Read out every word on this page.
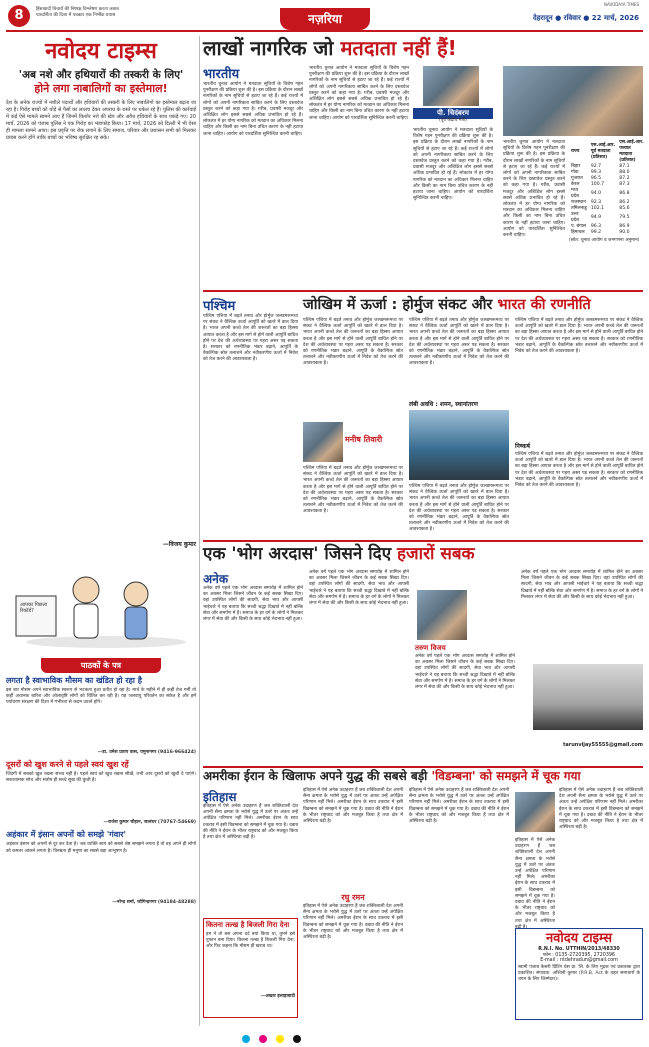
8	हिंसावादी विचारों की निष्पक्ष विश्लेषण करता जवाब
पारदर्शिता की दिशा में पत्रकार एक निर्भीक प्रयास	नज़रिया
NAVODAYA TIMES
देहरादून ● रविवार ● 22 मार्च, 2026
नवोदय टाइम्स
'अब नशे और हथियारों की तस्करी के लिए'
होने लगा नाबालिगों का इस्तेमाल!
देश के अनेक राज्यों में नशीले पदार्थों और हथियारों की तस्करी के लिए नाबालिगों का इस्तेमाल बढ़ता जा रहा है। गिरोह बच्चों को थोड़े से पैसों का लालच देकर अपराध के रास्ते पर धकेल रहे हैं। पुलिस की कार्रवाई में कई ऐसे मामले सामने आए हैं जिनमें किशोर नशे की खेप और अवैध हथियारों के साथ पकड़े गए। 20 मार्च, 2026 को पंजाब पुलिस ने एक गिरोह का भंडाफोड़ किया। 17 मार्च, 2026 को दिल्ली में भी ऐसा ही मामला सामने आया। इस प्रवृत्ति पर रोक लगाने के लिए समाज, परिवार और प्रशासन सभी को मिलकर प्रयास करने होंगे ताकि बच्चों का भविष्य सुरक्षित रह सके।
—विजय कुमार
आपका पिछला रिकॉर्ड?
पाठकों के पत्र
लगता है स्वाभाविक मौसम का खंडित हो रहा है
इस बार मौसम अपने स्वाभाविक स्वरूप से भटकता हुआ प्रतीत हो रहा है। मार्च के महीने में ही कहीं तेज गर्मी तो कहीं अचानक बारिश और ओलावृष्टि लोगों को चिंतित कर रही है। यह जलवायु परिवर्तन का संकेत है और हमें पर्यावरण संरक्षण की दिशा में गंभीरता से कदम उठाने होंगे।
—डा. उमेश प्रताप वत्स, यमुनानगर (9416-966424)
दूसरों को खुश करने से पहले स्वयं खुश रहें
जिंदगी में सबको खुश रखना संभव नहीं है। पहले स्वयं को खुश रखना सीखें, तभी आप दूसरों को खुशी दे पाएंगे। सकारात्मक सोच और संतोष ही सच्चे सुख की कुंजी है।
—राजेश कुमार चौहान, जालंधर (70767-54669)
अहंकार में इंसान अपनों को समझे 'गंवार'
अहंकार इंसान को अपनों से दूर कर देता है। जब व्यक्ति स्वयं को सबसे श्रेष्ठ समझने लगता है तो वह अपने ही लोगों को कमतर आंकने लगता है। विनम्रता ही मनुष्य का सबसे बड़ा आभूषण है।
—नरेन्द्र शर्मा, जोगिन्द्रनगर (94184-48288)
लाखों नागरिक जो मतदाता नहीं हैं!
भारतीय
भारतीय चुनाव आयोग ने मतदाता सूचियों के विशेष गहन पुनरीक्षण की प्रक्रिया शुरू की है। इस प्रक्रिया के दौरान लाखों नागरिकों के नाम सूचियों से हटाए जा रहे हैं। कई राज्यों में लोगों को अपनी नागरिकता साबित करने के लिए दस्तावेज प्रस्तुत करने को कहा गया है। गरीब, प्रवासी मजदूर और अशिक्षित लोग इससे सबसे अधिक प्रभावित हो रहे हैं। लोकतंत्र में हर योग्य नागरिक को मतदान का अधिकार मिलना चाहिए और किसी का नाम बिना उचित कारण के नहीं हटाया जाना चाहिए। आयोग को पारदर्शिता सुनिश्चित करनी चाहिए।
भारतीय चुनाव आयोग ने मतदाता सूचियों के विशेष गहन पुनरीक्षण की प्रक्रिया शुरू की है। इस प्रक्रिया के दौरान लाखों नागरिकों के नाम सूचियों से हटाए जा रहे हैं। कई राज्यों में लोगों को अपनी नागरिकता साबित करने के लिए दस्तावेज प्रस्तुत करने को कहा गया है। गरीब, प्रवासी मजदूर और अशिक्षित लोग इससे सबसे अधिक प्रभावित हो रहे हैं। लोकतंत्र में हर योग्य नागरिक को मतदान का अधिकार मिलना चाहिए और किसी का नाम बिना उचित कारण के नहीं हटाया जाना चाहिए। आयोग को पारदर्शिता सुनिश्चित करनी चाहिए।
पी. चिदंबरम
(पूर्व केंद्रीय मंत्री)
भारतीय चुनाव आयोग ने मतदाता सूचियों के विशेष गहन पुनरीक्षण की प्रक्रिया शुरू की है। इस प्रक्रिया के दौरान लाखों नागरिकों के नाम सूचियों से हटाए जा रहे हैं। कई राज्यों में लोगों को अपनी नागरिकता साबित करने के लिए दस्तावेज प्रस्तुत करने को कहा गया है। गरीब, प्रवासी मजदूर और अशिक्षित लोग इससे सबसे अधिक प्रभावित हो रहे हैं। लोकतंत्र में हर योग्य नागरिक को मतदान का अधिकार मिलना चाहिए और किसी का नाम बिना उचित कारण के नहीं हटाया जाना चाहिए। आयोग को पारदर्शिता सुनिश्चित करनी चाहिए।
भारतीय चुनाव आयोग ने मतदाता सूचियों के विशेष गहन पुनरीक्षण की प्रक्रिया शुरू की है। इस प्रक्रिया के दौरान लाखों नागरिकों के नाम सूचियों से हटाए जा रहे हैं। कई राज्यों में लोगों को अपनी नागरिकता साबित करने के लिए दस्तावेज प्रस्तुत करने को कहा गया है। गरीब, प्रवासी मजदूर और अशिक्षित लोग इससे सबसे अधिक प्रभावित हो रहे हैं। लोकतंत्र में हर योग्य नागरिक को मतदान का अधिकार मिलना चाहिए और किसी का नाम बिना उचित कारण के नहीं हटाया जाना चाहिए। आयोग को पारदर्शिता सुनिश्चित करनी चाहिए।
राज्य	एस.आई.आर. पूर्व मतदाता (प्रतिशत)	एस.आई.आर. पश्चात मतदाता (प्रतिशत)
बिहार	92.7	87.1
गोवा	99.3	88.0
गुजरात	96.5	87.2
केरल	100.7	87.3
मध्य प्रदेश	94.0	86.8
राजस्थान	92.3	86.2
तमिलनाडु	102.1	85.6
उत्तर प्रदेश	94.9	79.5
प. बंगाल	96.3	86.9
हिमाचल	99.2	90.0
(स्रोत: चुनाव आयोग व जनगणना अनुमान)
पश्चिम
पश्चिम एशिया में बढ़ते तनाव और होर्मुज जलडमरूमध्य पर संकट ने वैश्विक ऊर्जा आपूर्ति को खतरे में डाल दिया है। भारत अपनी कच्चे तेल की जरूरतों का बड़ा हिस्सा आयात करता है और इस मार्ग से होने वाली आपूर्ति बाधित होने पर देश की अर्थव्यवस्था पर गहरा असर पड़ सकता है। सरकार को रणनीतिक भंडार बढ़ाने, आपूर्ति के वैकल्पिक स्रोत तलाशने और नवीकरणीय ऊर्जा में निवेश को तेज करने की आवश्यकता है।
जोखिम में ऊर्जा : होर्मुज संकट और भारत की रणनीति
पश्चिम एशिया में बढ़ते तनाव और होर्मुज जलडमरूमध्य पर संकट ने वैश्विक ऊर्जा आपूर्ति को खतरे में डाल दिया है। भारत अपनी कच्चे तेल की जरूरतों का बड़ा हिस्सा आयात करता है और इस मार्ग से होने वाली आपूर्ति बाधित होने पर देश की अर्थव्यवस्था पर गहरा असर पड़ सकता है। सरकार को रणनीतिक भंडार बढ़ाने, आपूर्ति के वैकल्पिक स्रोत तलाशने और नवीकरणीय ऊर्जा में निवेश को तेज करने की आवश्यकता है।
मनीष तिवारी
पश्चिम एशिया में बढ़ते तनाव और होर्मुज जलडमरूमध्य पर संकट ने वैश्विक ऊर्जा आपूर्ति को खतरे में डाल दिया है। भारत अपनी कच्चे तेल की जरूरतों का बड़ा हिस्सा आयात करता है और इस मार्ग से होने वाली आपूर्ति बाधित होने पर देश की अर्थव्यवस्था पर गहरा असर पड़ सकता है। सरकार को रणनीतिक भंडार बढ़ाने, आपूर्ति के वैकल्पिक स्रोत तलाशने और नवीकरणीय ऊर्जा में निवेश को तेज करने की आवश्यकता है।
पश्चिम एशिया में बढ़ते तनाव और होर्मुज जलडमरूमध्य पर संकट ने वैश्विक ऊर्जा आपूर्ति को खतरे में डाल दिया है। भारत अपनी कच्चे तेल की जरूरतों का बड़ा हिस्सा आयात करता है और इस मार्ग से होने वाली आपूर्ति बाधित होने पर देश की अर्थव्यवस्था पर गहरा असर पड़ सकता है। सरकार को रणनीतिक भंडार बढ़ाने, आपूर्ति के वैकल्पिक स्रोत तलाशने और नवीकरणीय ऊर्जा में निवेश को तेज करने की आवश्यकता है।
लंबी अवधि : शमन, स्थानांतरण
पश्चिम एशिया में बढ़ते तनाव और होर्मुज जलडमरूमध्य पर संकट ने वैश्विक ऊर्जा आपूर्ति को खतरे में डाल दिया है। भारत अपनी कच्चे तेल की जरूरतों का बड़ा हिस्सा आयात करता है और इस मार्ग से होने वाली आपूर्ति बाधित होने पर देश की अर्थव्यवस्था पर गहरा असर पड़ सकता है। सरकार को रणनीतिक भंडार बढ़ाने, आपूर्ति के वैकल्पिक स्रोत तलाशने और नवीकरणीय ऊर्जा में निवेश को तेज करने की आवश्यकता है।
पश्चिम एशिया में बढ़ते तनाव और होर्मुज जलडमरूमध्य पर संकट ने वैश्विक ऊर्जा आपूर्ति को खतरे में डाल दिया है। भारत अपनी कच्चे तेल की जरूरतों का बड़ा हिस्सा आयात करता है और इस मार्ग से होने वाली आपूर्ति बाधित होने पर देश की अर्थव्यवस्था पर गहरा असर पड़ सकता है। सरकार को रणनीतिक भंडार बढ़ाने, आपूर्ति के वैकल्पिक स्रोत तलाशने और नवीकरणीय ऊर्जा में निवेश को तेज करने की आवश्यकता है।
निष्कर्ष
पश्चिम एशिया में बढ़ते तनाव और होर्मुज जलडमरूमध्य पर संकट ने वैश्विक ऊर्जा आपूर्ति को खतरे में डाल दिया है। भारत अपनी कच्चे तेल की जरूरतों का बड़ा हिस्सा आयात करता है और इस मार्ग से होने वाली आपूर्ति बाधित होने पर देश की अर्थव्यवस्था पर गहरा असर पड़ सकता है। सरकार को रणनीतिक भंडार बढ़ाने, आपूर्ति के वैकल्पिक स्रोत तलाशने और नवीकरणीय ऊर्जा में निवेश को तेज करने की आवश्यकता है।
एक 'भोग अरदास' जिसने दिए हजारों सबक
अनेक
अनेक वर्ष पहले एक भोग अरदास समारोह में शामिल होने का अवसर मिला जिसने जीवन के कई सबक सिखा दिए। वहां उपस्थित लोगों की सादगी, सेवा भाव और आपसी भाईचारे ने यह बताया कि सच्ची श्रद्धा दिखावे में नहीं बल्कि सेवा और समर्पण में है। समाज के हर वर्ग के लोगों ने मिलकर लंगर में सेवा की और किसी के साथ कोई भेदभाव नहीं हुआ।
अनेक वर्ष पहले एक भोग अरदास समारोह में शामिल होने का अवसर मिला जिसने जीवन के कई सबक सिखा दिए। वहां उपस्थित लोगों की सादगी, सेवा भाव और आपसी भाईचारे ने यह बताया कि सच्ची श्रद्धा दिखावे में नहीं बल्कि सेवा और समर्पण में है। समाज के हर वर्ग के लोगों ने मिलकर लंगर में सेवा की और किसी के साथ कोई भेदभाव नहीं हुआ।
तरुण विजय
अनेक वर्ष पहले एक भोग अरदास समारोह में शामिल होने का अवसर मिला जिसने जीवन के कई सबक सिखा दिए। वहां उपस्थित लोगों की सादगी, सेवा भाव और आपसी भाईचारे ने यह बताया कि सच्ची श्रद्धा दिखावे में नहीं बल्कि सेवा और समर्पण में है। समाज के हर वर्ग के लोगों ने मिलकर लंगर में सेवा की और किसी के साथ कोई भेदभाव नहीं हुआ।
अनेक वर्ष पहले एक भोग अरदास समारोह में शामिल होने का अवसर मिला जिसने जीवन के कई सबक सिखा दिए। वहां उपस्थित लोगों की सादगी, सेवा भाव और आपसी भाईचारे ने यह बताया कि सच्ची श्रद्धा दिखावे में नहीं बल्कि सेवा और समर्पण में है। समाज के हर वर्ग के लोगों ने मिलकर लंगर में सेवा की और किसी के साथ कोई भेदभाव नहीं हुआ।
tarunvijay55555@gmail.com
अमरीका ईरान के खिलाफ अपने युद्ध की सबसे बड़ी 'विडम्बना' को समझने में चूक गया
इतिहास
इतिहास में ऐसे अनेक उदाहरण हैं जब शक्तिशाली देश अपनी सैन्य क्षमता के भरोसे युद्ध में उतरे पर अंततः उन्हें अपेक्षित परिणाम नहीं मिले। अमरीका ईरान के साथ टकराव में इसी विडम्बना को समझने में चूक गया है। दबाव की नीति ने ईरान के भीतर राष्ट्रवाद को और मजबूत किया है तथा क्षेत्र में अस्थिरता बढ़ी है।
कितना तल्ख है बिजली गिरा देना
हम ने तो बस अपना दर्द बयां किया था, तुमने इसे तूफान बना दिया। कितना तल्ख है बिजली गिरा देना, और फिर कहना कि मौसम ही खराब था।
—अख्तर इलाहाबादी
इतिहास में ऐसे अनेक उदाहरण हैं जब शक्तिशाली देश अपनी सैन्य क्षमता के भरोसे युद्ध में उतरे पर अंततः उन्हें अपेक्षित परिणाम नहीं मिले। अमरीका ईरान के साथ टकराव में इसी विडम्बना को समझने में चूक गया है। दबाव की नीति ने ईरान के भीतर राष्ट्रवाद को और मजबूत किया है तथा क्षेत्र में अस्थिरता बढ़ी है।
रघु रमन
इतिहास में ऐसे अनेक उदाहरण हैं जब शक्तिशाली देश अपनी सैन्य क्षमता के भरोसे युद्ध में उतरे पर अंततः उन्हें अपेक्षित परिणाम नहीं मिले। अमरीका ईरान के साथ टकराव में इसी विडम्बना को समझने में चूक गया है। दबाव की नीति ने ईरान के भीतर राष्ट्रवाद को और मजबूत किया है तथा क्षेत्र में अस्थिरता बढ़ी है।
इतिहास में ऐसे अनेक उदाहरण हैं जब शक्तिशाली देश अपनी सैन्य क्षमता के भरोसे युद्ध में उतरे पर अंततः उन्हें अपेक्षित परिणाम नहीं मिले। अमरीका ईरान के साथ टकराव में इसी विडम्बना को समझने में चूक गया है। दबाव की नीति ने ईरान के भीतर राष्ट्रवाद को और मजबूत किया है तथा क्षेत्र में अस्थिरता बढ़ी है।
इतिहास में ऐसे अनेक उदाहरण हैं जब शक्तिशाली देश अपनी सैन्य क्षमता के भरोसे युद्ध में उतरे पर अंततः उन्हें अपेक्षित परिणाम नहीं मिले। अमरीका ईरान के साथ टकराव में इसी विडम्बना को समझने में चूक गया है। दबाव की नीति ने ईरान के भीतर राष्ट्रवाद को और मजबूत किया है तथा क्षेत्र में अस्थिरता बढ़ी है।
इतिहास में ऐसे अनेक उदाहरण हैं जब शक्तिशाली देश अपनी सैन्य क्षमता के भरोसे युद्ध में उतरे पर अंततः उन्हें अपेक्षित परिणाम नहीं मिले। अमरीका ईरान के साथ टकराव में इसी विडम्बना को समझने में चूक गया है। दबाव की नीति ने ईरान के भीतर राष्ट्रवाद को और मजबूत किया है तथा क्षेत्र में अस्थिरता बढ़ी है।
नवोदय टाइम्स
R.N.I. No. UTTHIN/2013/48330
फोन : 0135-2720395, 2720396
E-mail : ntdehradun@gmail.com
स्वामी पंजाब केसरी प्रिंटिंग प्रेस प्रा. लि. के लिए मुद्रक एवं प्रकाशक द्वारा प्रकाशित। संपादक: अश्विनी कुमार (P.R.B. Act के तहत समाचारों के चयन के लिए जिम्मेदार)।
